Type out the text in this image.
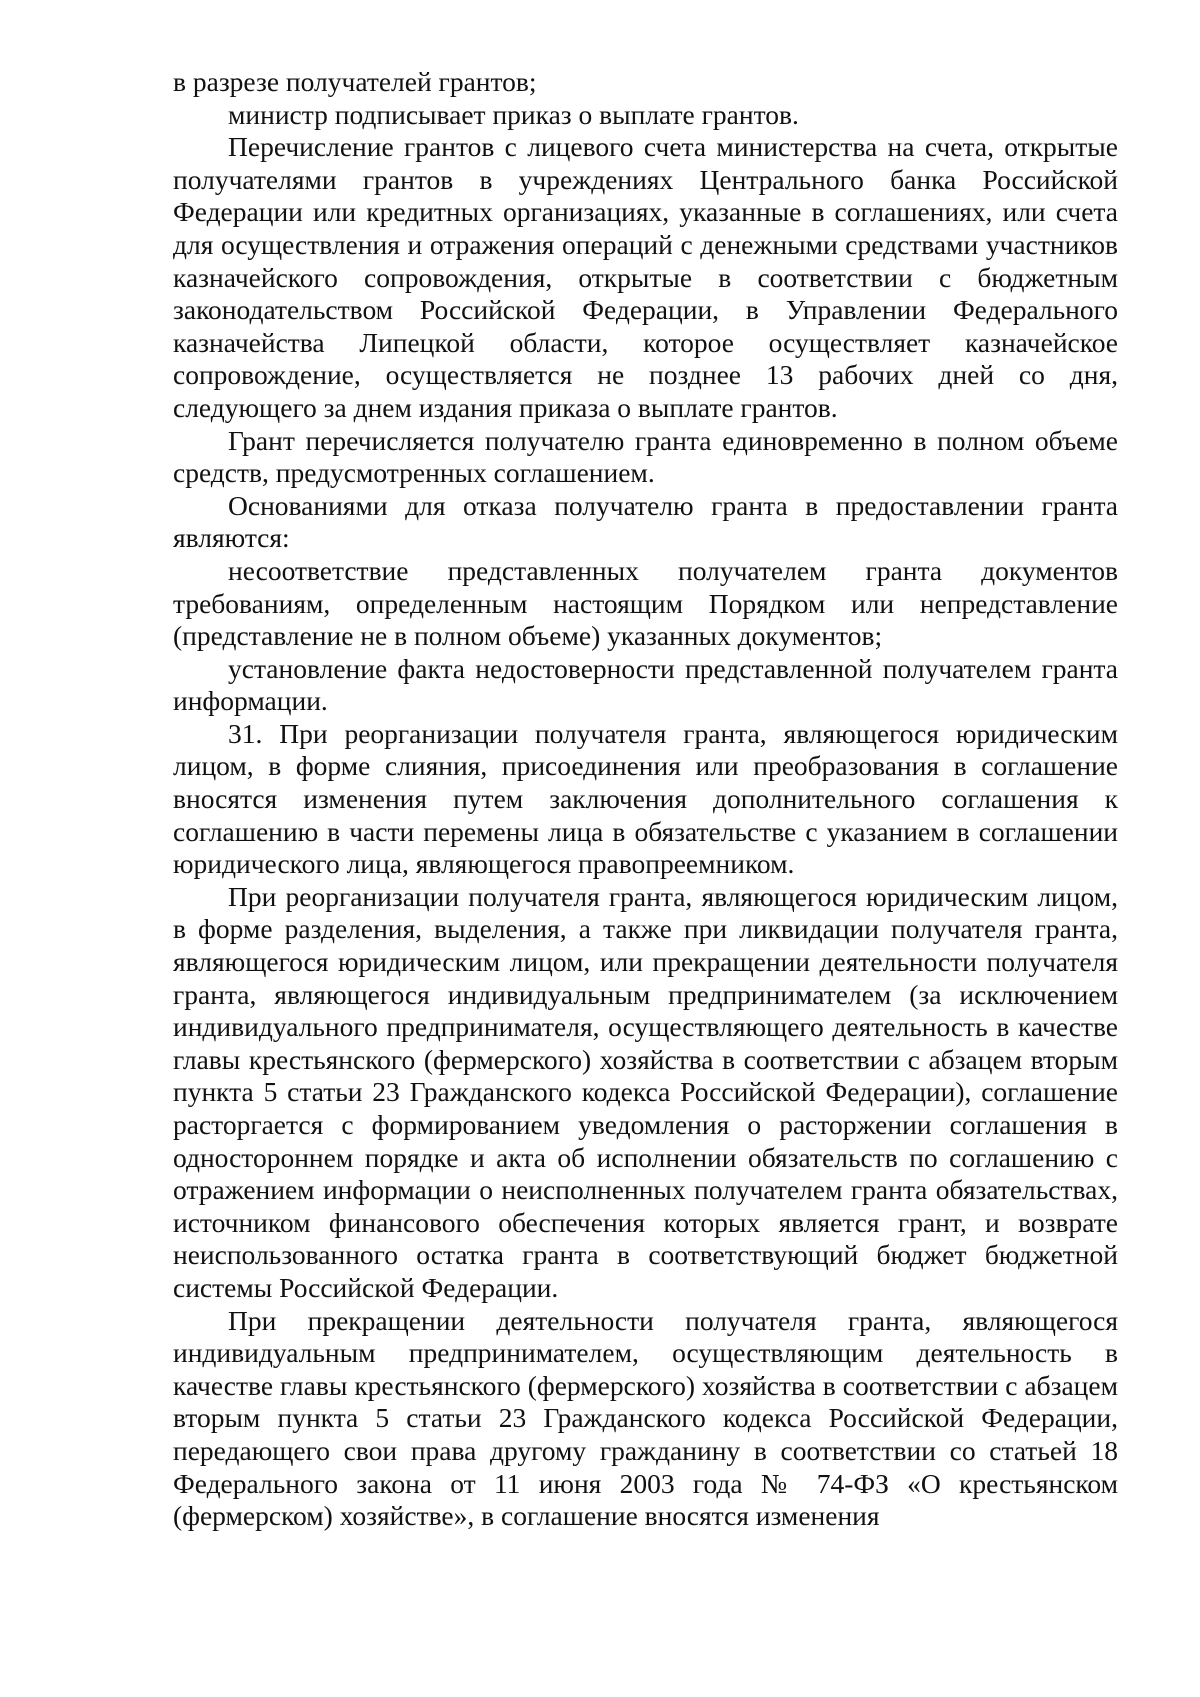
в разрезе получателей грантов;

министр подписывает приказ о выплате грантов.

Перечисление грантов с лицевого счета министерства на счета, открытые получателями грантов в учреждениях Центрального банка Российской Федерации или кредитных организациях, указанные в соглашениях, или счета для осуществления и отражения операций с денежными средствами участников казначейского сопровождения, открытые в соответствии с бюджетным законодательством Российской Федерации, в Управлении Федерального казначейства Липецкой области, которое осуществляет казначейское сопровождение, осуществляется не позднее 13 рабочих дней со дня, следующего за днем издания приказа о выплате грантов.

Грант перечисляется получателю гранта единовременно в полном объеме средств, предусмотренных соглашением.

Основаниями для отказа получателю гранта в предоставлении гранта являются:

несоответствие представленных получателем гранта документов требованиям, определенным настоящим Порядком или непредставление (представление не в полном объеме) указанных документов;

установление факта недостоверности представленной получателем гранта информации.

31. При реорганизации получателя гранта, являющегося юридическим лицом, в форме слияния, присоединения или преобразования в соглашение вносятся изменения путем заключения дополнительного соглашения к соглашению в части перемены лица в обязательстве с указанием в соглашении юридического лица, являющегося правопреемником.

При реорганизации получателя гранта, являющегося юридическим лицом, в форме разделения, выделения, а также при ликвидации получателя гранта, являющегося юридическим лицом, или прекращении деятельности получателя гранта, являющегося индивидуальным предпринимателем (за исключением индивидуального предпринимателя, осуществляющего деятельность в качестве главы крестьянского (фермерского) хозяйства в соответствии с абзацем вторым пункта 5 статьи 23 Гражданского кодекса Российской Федерации), соглашение расторгается с формированием уведомления о расторжении соглашения в одностороннем порядке и акта об исполнении обязательств по соглашению с отражением информации о неисполненных получателем гранта обязательствах, источником финансового обеспечения которых является грант, и возврате неиспользованного остатка гранта в соответствующий бюджет бюджетной системы Российской Федерации.

При прекращении деятельности получателя гранта, являющегося индивидуальным предпринимателем, осуществляющим деятельность в качестве главы крестьянского (фермерского) хозяйства в соответствии с абзацем вторым пункта 5 статьи 23 Гражданского кодекса Российской Федерации, передающего свои права другому гражданину в соответствии со статьей 18 Федерального закона от 11 июня 2003 года № 74-ФЗ «О крестьянском (фермерском) хозяйстве», в соглашение вносятся изменения
